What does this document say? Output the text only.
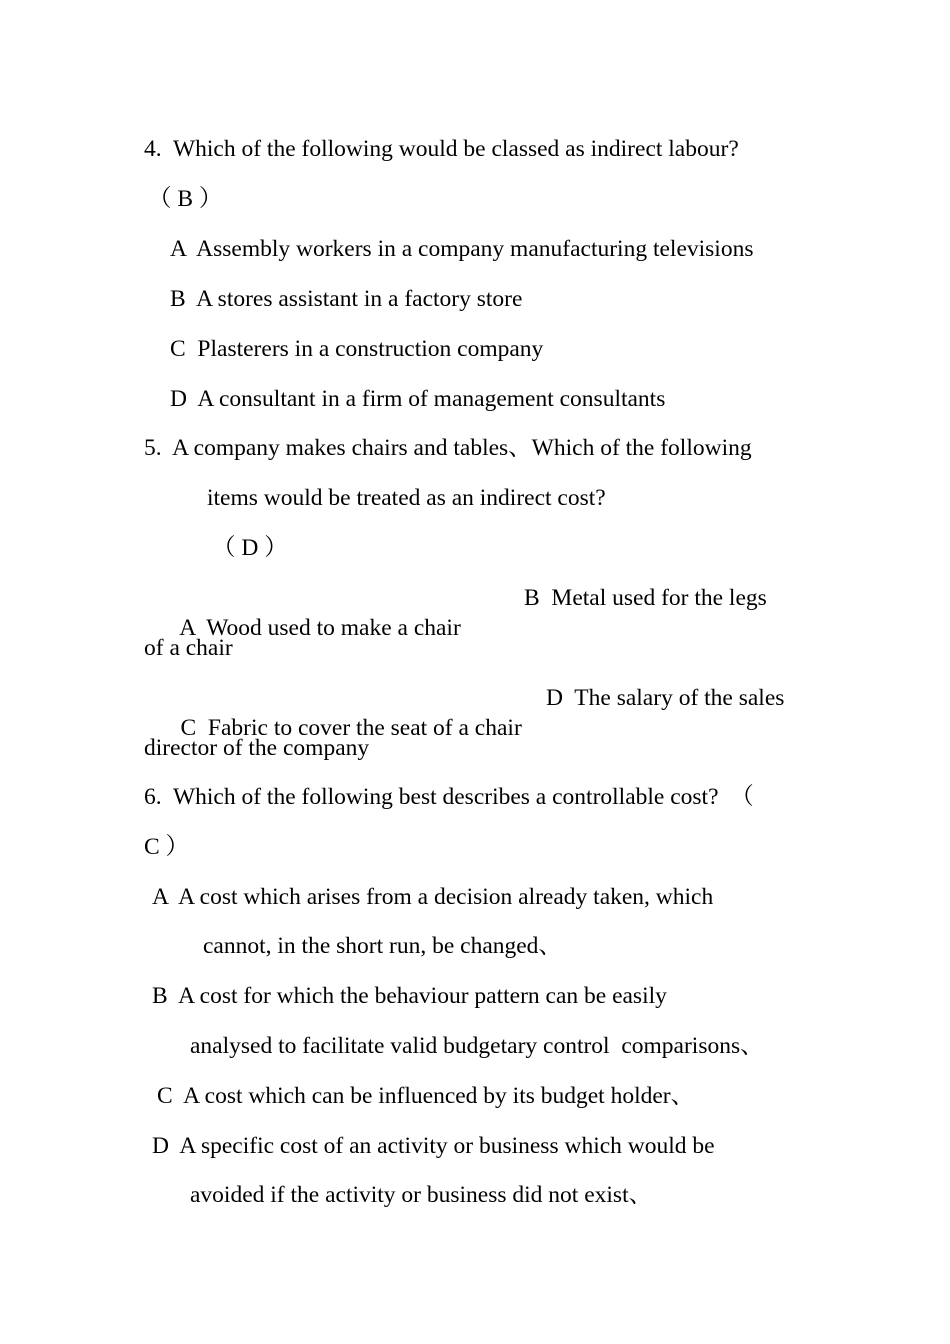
4. Which of the following would be classed as indirect labour?
（ B ）
A  Assembly workers in a company manufacturing televisions
B  A stores assistant in a factory store
C  Plasterers in a construction company
D  A consultant in a firm of management consultants
5. A company makes chairs and tables、Which of the following
items would be treated as an indirect cost?
（ D ）

A  Wood used to make a chair

B  Metal used for the legs

of a chair

C  Fabric to cover the seat of a chair

D  The salary of the sales

director of the company
6. Which of the following best describes a controllable cost?  （
C ）
A  A cost which arises from a decision already taken, which
cannot, in the short run, be changed、
B  A cost for which the behaviour pattern can be easily
analysed to facilitate valid budgetary control  comparisons、
C  A cost which can be influenced by its budget holder、
D  A specific cost of an activity or business which would be
avoided if the activity or business did not exist、
